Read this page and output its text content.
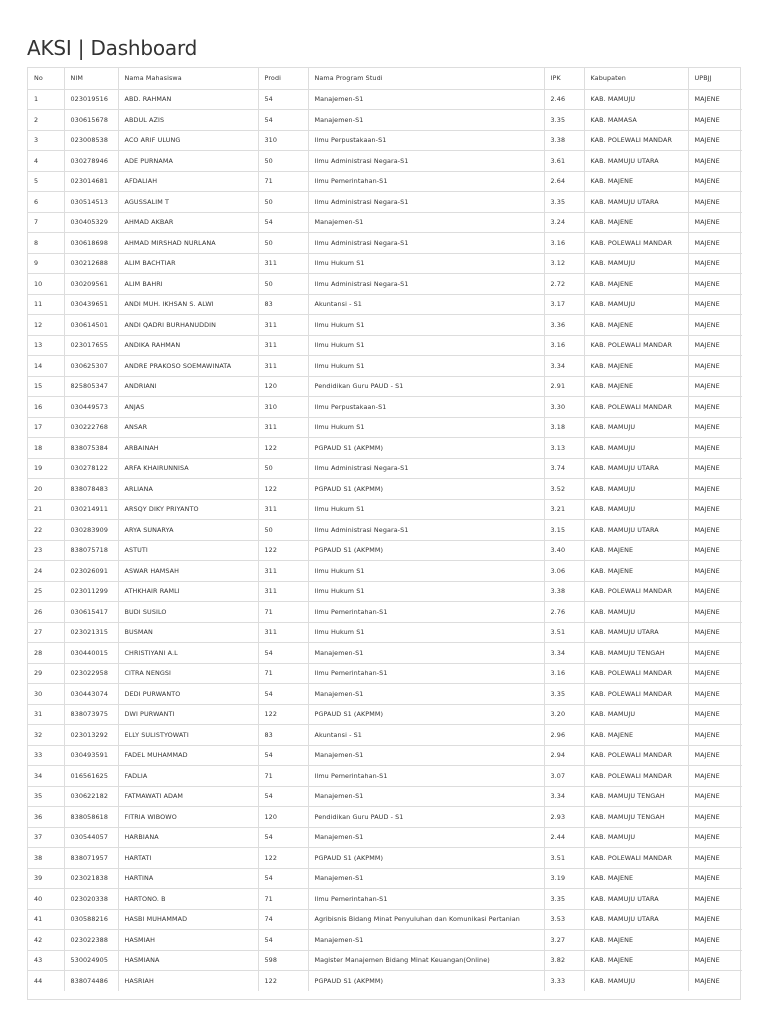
AKSI | Dashboard
No	NIM	Nama Mahasiswa	Prodi	Nama Program Studi	IPK	Kabupaten	UPBJJ
1	023019516	ABD. RAHMAN	54	Manajemen-S1	2.46	KAB. MAMUJU	MAJENE
2	030615678	ABDUL AZIS	54	Manajemen-S1	3.35	KAB. MAMASA	MAJENE
3	023008538	ACO ARIF ULUNG	310	Ilmu Perpustakaan-S1	3.38	KAB. POLEWALI MANDAR	MAJENE
4	030278946	ADE PURNAMA	50	Ilmu Administrasi Negara-S1	3.61	KAB. MAMUJU UTARA	MAJENE
5	023014681	AFDALIAH	71	Ilmu Pemerintahan-S1	2.64	KAB. MAJENE	MAJENE
6	030514513	AGUSSALIM T	50	Ilmu Administrasi Negara-S1	3.35	KAB. MAMUJU UTARA	MAJENE
7	030405329	AHMAD AKBAR	54	Manajemen-S1	3.24	KAB. MAJENE	MAJENE
8	030618698	AHMAD MIRSHAD NURLANA	50	Ilmu Administrasi Negara-S1	3.16	KAB. POLEWALI MANDAR	MAJENE
9	030212688	ALIM BACHTIAR	311	Ilmu Hukum S1	3.12	KAB. MAMUJU	MAJENE
10	030209561	ALIM BAHRI	50	Ilmu Administrasi Negara-S1	2.72	KAB. MAJENE	MAJENE
11	030439651	ANDI MUH. IKHSAN S. ALWI	83	Akuntansi - S1	3.17	KAB. MAMUJU	MAJENE
12	030614501	ANDI QADRI BURHANUDDIN	311	Ilmu Hukum S1	3.36	KAB. MAJENE	MAJENE
13	023017655	ANDIKA RAHMAN	311	Ilmu Hukum S1	3.16	KAB. POLEWALI MANDAR	MAJENE
14	030625307	ANDRE PRAKOSO SOEMAWINATA	311	Ilmu Hukum S1	3.34	KAB. MAJENE	MAJENE
15	825805347	ANDRIANI	120	Pendidikan Guru PAUD - S1	2.91	KAB. MAJENE	MAJENE
16	030449573	ANJAS	310	Ilmu Perpustakaan-S1	3.30	KAB. POLEWALI MANDAR	MAJENE
17	030222768	ANSAR	311	Ilmu Hukum S1	3.18	KAB. MAMUJU	MAJENE
18	838075384	ARBAINAH	122	PGPAUD S1 (AKPMM)	3.13	KAB. MAMUJU	MAJENE
19	030278122	ARFA KHAIRUNNISA	50	Ilmu Administrasi Negara-S1	3.74	KAB. MAMUJU UTARA	MAJENE
20	838078483	ARLIANA	122	PGPAUD S1 (AKPMM)	3.52	KAB. MAMUJU	MAJENE
21	030214911	ARSQY DIKY PRIYANTO	311	Ilmu Hukum S1	3.21	KAB. MAMUJU	MAJENE
22	030283909	ARYA SUNARYA	50	Ilmu Administrasi Negara-S1	3.15	KAB. MAMUJU UTARA	MAJENE
23	838075718	ASTUTI	122	PGPAUD S1 (AKPMM)	3.40	KAB. MAJENE	MAJENE
24	023026091	ASWAR HAMSAH	311	Ilmu Hukum S1	3.06	KAB. MAJENE	MAJENE
25	023011299	ATHKHAIR RAMLI	311	Ilmu Hukum S1	3.38	KAB. POLEWALI MANDAR	MAJENE
26	030615417	BUDI SUSILO	71	Ilmu Pemerintahan-S1	2.76	KAB. MAMUJU	MAJENE
27	023021315	BUSMAN	311	Ilmu Hukum S1	3.51	KAB. MAMUJU UTARA	MAJENE
28	030440015	CHRISTIYANI A.L	54	Manajemen-S1	3.34	KAB. MAMUJU TENGAH	MAJENE
29	023022958	CITRA NENGSI	71	Ilmu Pemerintahan-S1	3.16	KAB. POLEWALI MANDAR	MAJENE
30	030443074	DEDI PURWANTO	54	Manajemen-S1	3.35	KAB. POLEWALI MANDAR	MAJENE
31	838073975	DWI PURWANTI	122	PGPAUD S1 (AKPMM)	3.20	KAB. MAMUJU	MAJENE
32	023013292	ELLY SULISTYOWATI	83	Akuntansi - S1	2.96	KAB. MAJENE	MAJENE
33	030493591	FADEL MUHAMMAD	54	Manajemen-S1	2.94	KAB. POLEWALI MANDAR	MAJENE
34	016561625	FADLIA	71	Ilmu Pemerintahan-S1	3.07	KAB. POLEWALI MANDAR	MAJENE
35	030622182	FATMAWATI ADAM	54	Manajemen-S1	3.34	KAB. MAMUJU TENGAH	MAJENE
36	838058618	FITRIA WIBOWO	120	Pendidikan Guru PAUD - S1	2.93	KAB. MAMUJU TENGAH	MAJENE
37	030544057	HARBIANA	54	Manajemen-S1	2.44	KAB. MAMUJU	MAJENE
38	838071957	HARTATI	122	PGPAUD S1 (AKPMM)	3.51	KAB. POLEWALI MANDAR	MAJENE
39	023021838	HARTINA	54	Manajemen-S1	3.19	KAB. MAJENE	MAJENE
40	023020338	HARTONO. B	71	Ilmu Pemerintahan-S1	3.35	KAB. MAMUJU UTARA	MAJENE
41	030588216	HASBI MUHAMMAD	74	Agribisnis Bidang Minat Penyuluhan dan Komunikasi Pertanian	3.53	KAB. MAMUJU UTARA	MAJENE
42	023022388	HASMIAH	54	Manajemen-S1	3.27	KAB. MAJENE	MAJENE
43	530024905	HASMIANA	598	Magister Manajemen Bidang Minat Keuangan(Online)	3.82	KAB. MAJENE	MAJENE
44	838074486	HASRIAH	122	PGPAUD S1 (AKPMM)	3.33	KAB. MAMUJU	MAJENE
